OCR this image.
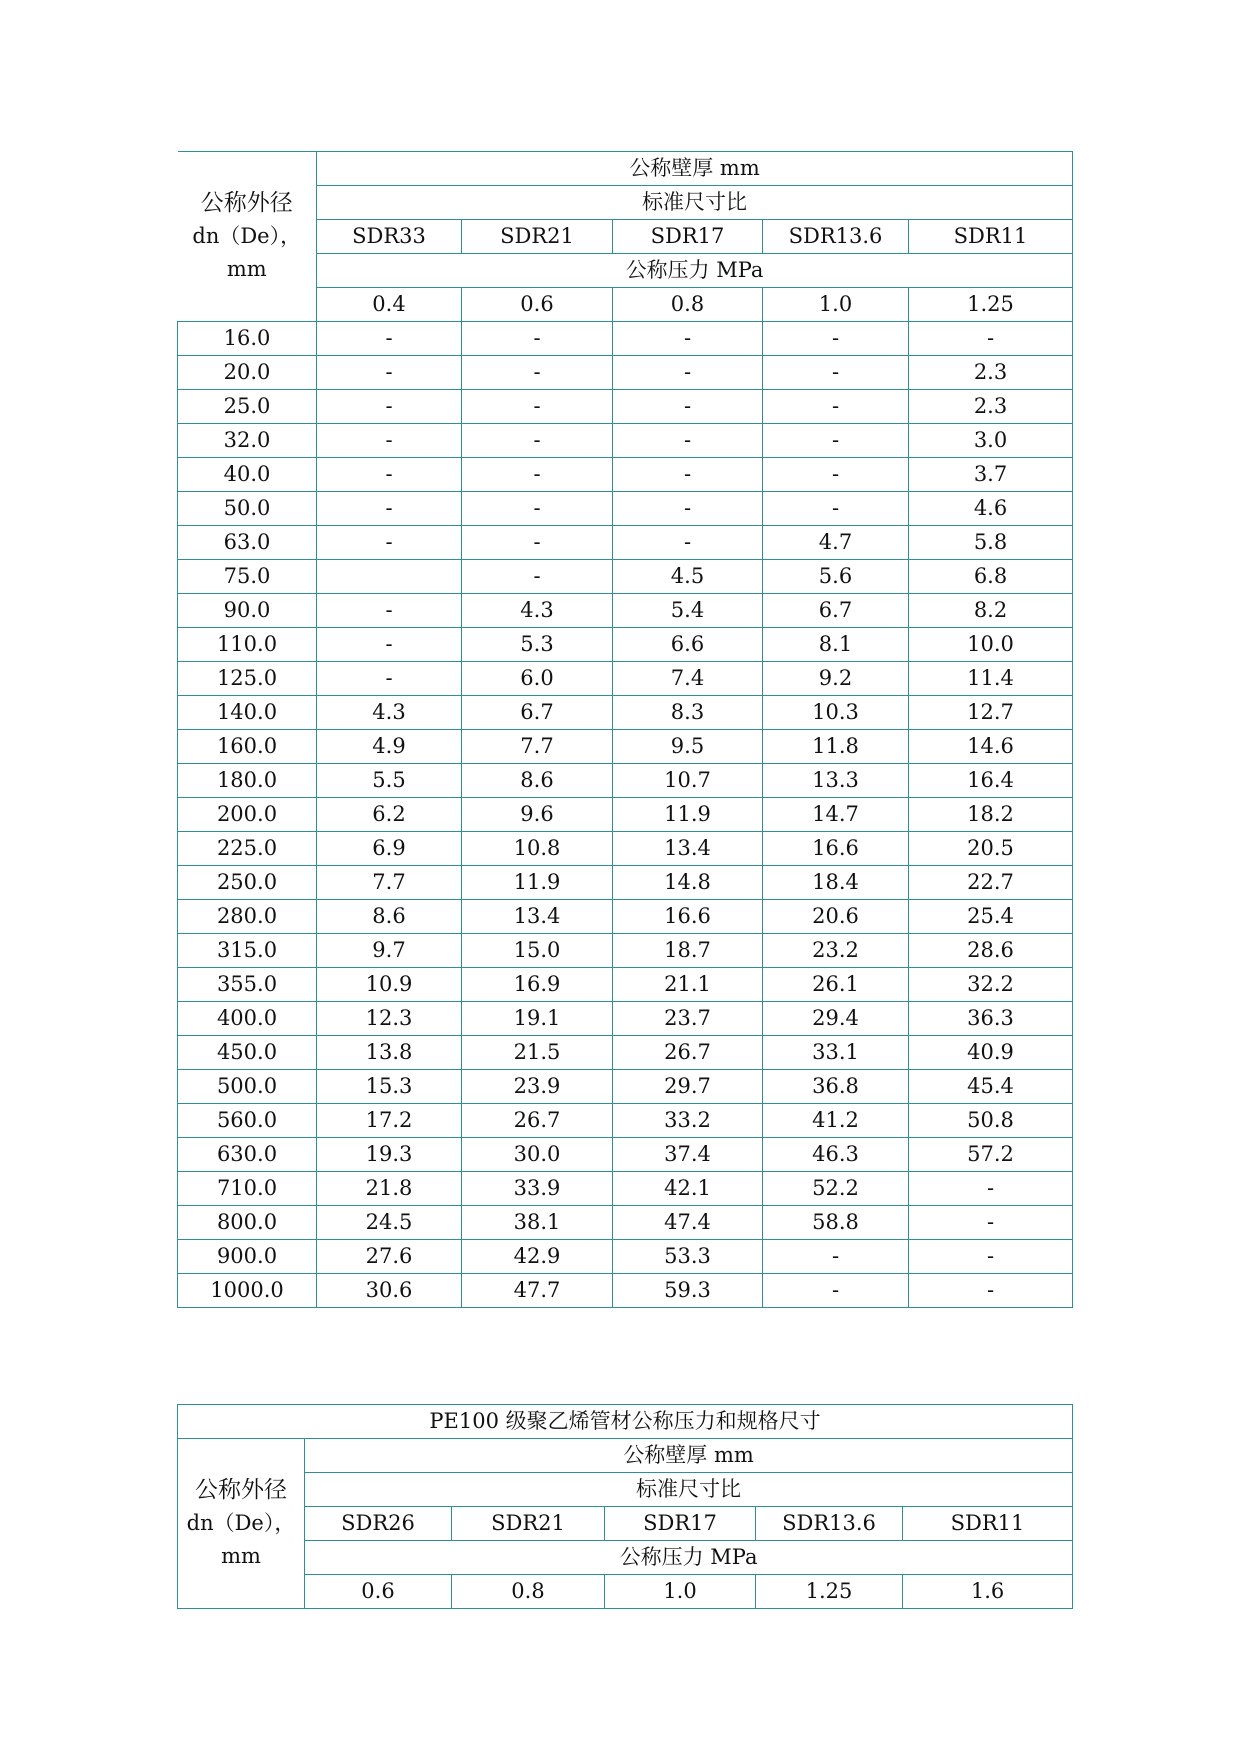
公称外径
dn（De），
mm	公称壁厚 mm				
	标准尺寸比				
	SDR33	SDR21	SDR17	SDR13.6	SDR11
	公称压力 MPa				
	0.4	0.6	0.8	1.0	1.25
16.0	-	-	-	-	-
20.0	-	-	-	-	2.3
25.0	-	-	-	-	2.3
32.0	-	-	-	-	3.0
40.0	-	-	-	-	3.7
50.0	-	-	-	-	4.6
63.0	-	-	-	4.7	5.8
75.0		-	4.5	5.6	6.8
90.0	-	4.3	5.4	6.7	8.2
110.0	-	5.3	6.6	8.1	10.0
125.0	-	6.0	7.4	9.2	11.4
140.0	4.3	6.7	8.3	10.3	12.7
160.0	4.9	7.7	9.5	11.8	14.6
180.0	5.5	8.6	10.7	13.3	16.4
200.0	6.2	9.6	11.9	14.7	18.2
225.0	6.9	10.8	13.4	16.6	20.5
250.0	7.7	11.9	14.8	18.4	22.7
280.0	8.6	13.4	16.6	20.6	25.4
315.0	9.7	15.0	18.7	23.2	28.6
355.0	10.9	16.9	21.1	26.1	32.2
400.0	12.3	19.1	23.7	29.4	36.3
450.0	13.8	21.5	26.7	33.1	40.9
500.0	15.3	23.9	29.7	36.8	45.4
560.0	17.2	26.7	33.2	41.2	50.8
630.0	19.3	30.0	37.4	46.3	57.2
710.0	21.8	33.9	42.1	52.2	-
800.0	24.5	38.1	47.4	58.8	-
900.0	27.6	42.9	53.3	-	-
1000.0	30.6	47.7	59.3	-	-
PE100 级聚乙烯管材公称压力和规格尺寸					

公称外径
dn（De），
mm	公称壁厚 mm				
	标准尺寸比				
	SDR26	SDR21	SDR17	SDR13.6	SDR11
	公称压力 MPa				
	0.6	0.8	1.0	1.25	1.6
